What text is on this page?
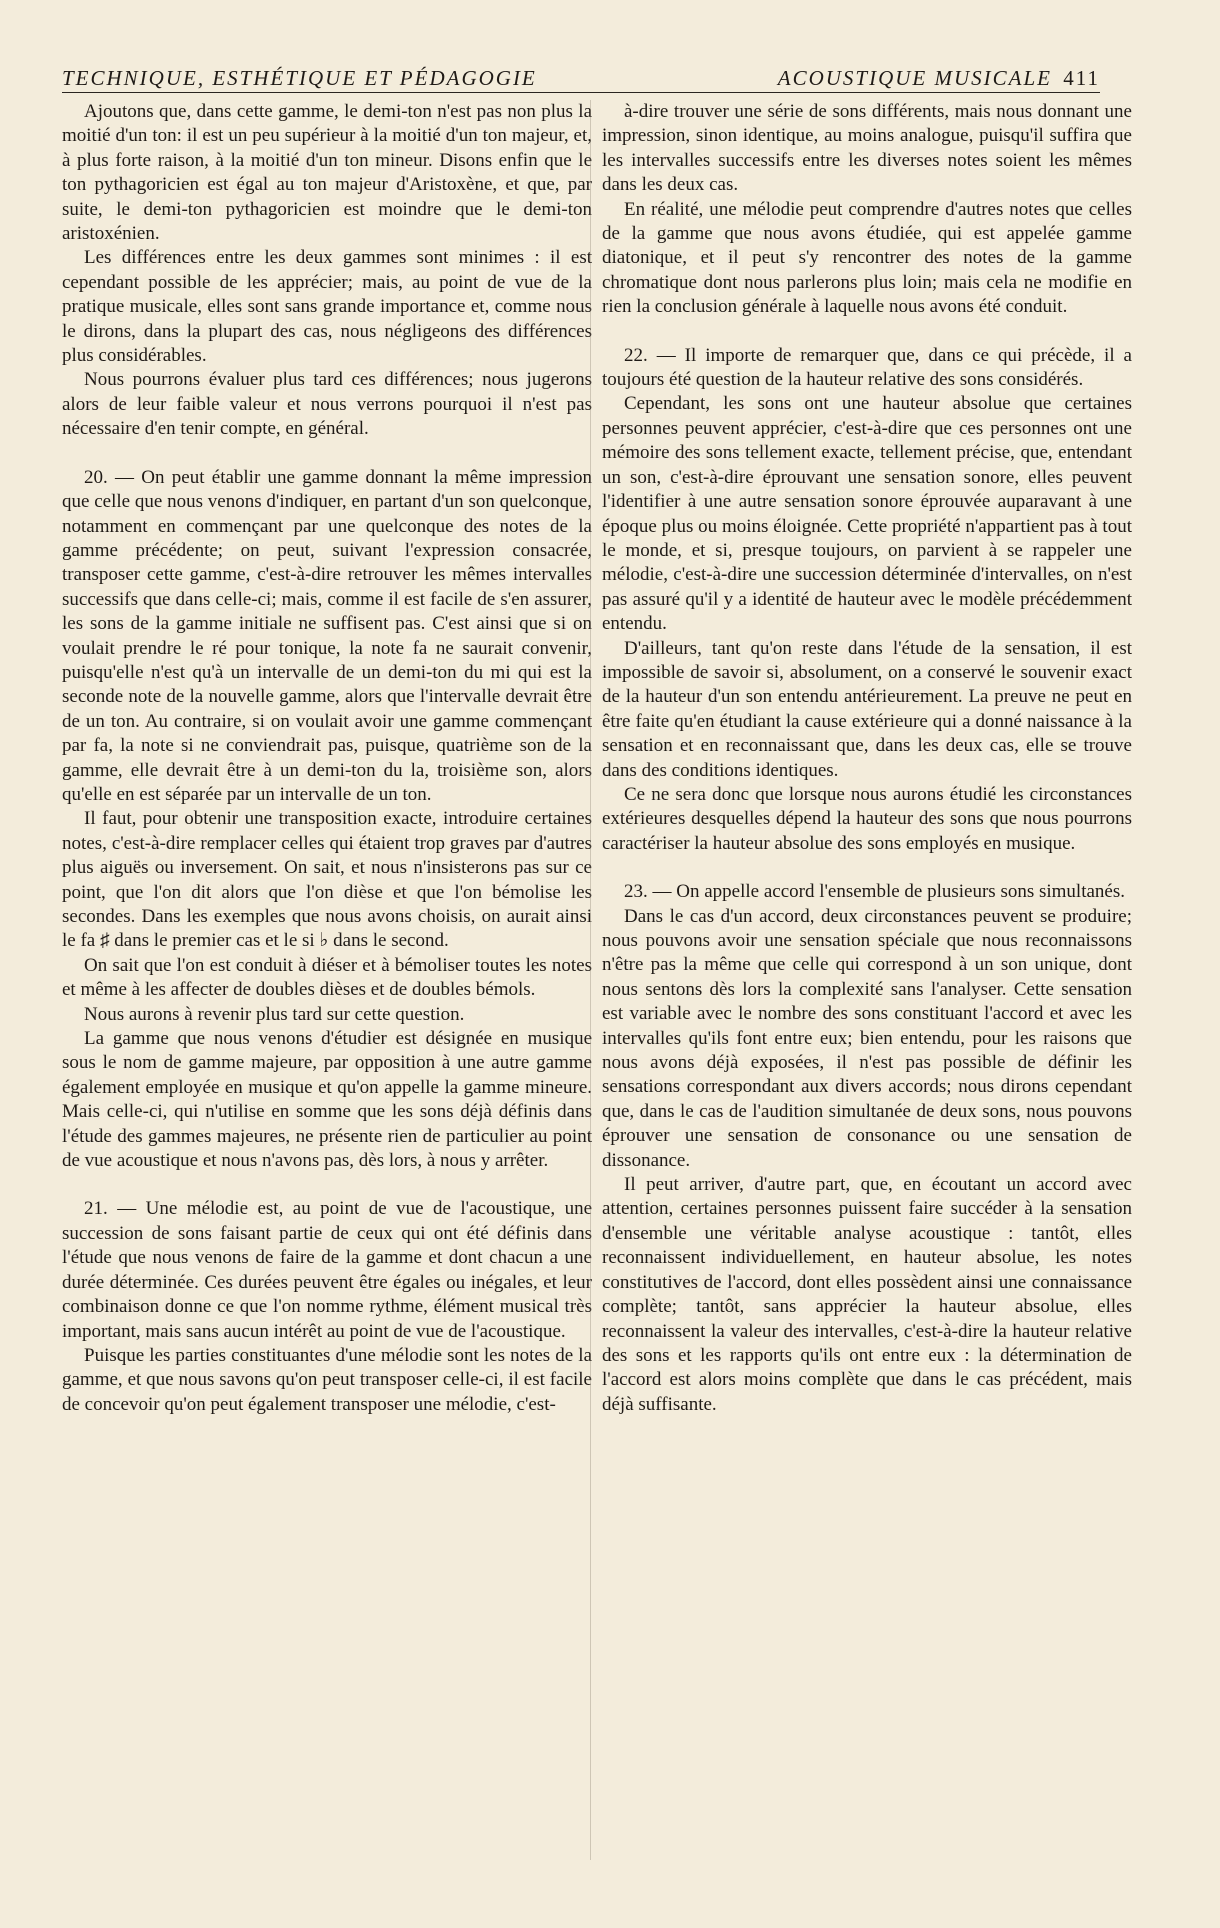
TECHNIQUE, ESTHÉTIQUE ET PÉDAGOGIE	ACOUSTIQUE MUSICALE 411

Ajoutons que, dans cette gamme, le demi-ton n'est pas non plus la moitié d'un ton: il est un peu supérieur à la moitié d'un ton majeur, et, à plus forte raison, à la moitié d'un ton mineur. Disons enfin que le ton pythagoricien est égal au ton majeur d'Aristoxène, et que, par suite, le demi-ton pythagoricien est moindre que le demi-ton aristoxénien.

Les différences entre les deux gammes sont minimes : il est cependant possible de les apprécier; mais, au point de vue de la pratique musicale, elles sont sans grande importance et, comme nous le dirons, dans la plupart des cas, nous négligeons des différences plus considérables.

Nous pourrons évaluer plus tard ces différences; nous jugerons alors de leur faible valeur et nous verrons pourquoi il n'est pas nécessaire d'en tenir compte, en général.

20. — On peut établir une gamme donnant la même impression que celle que nous venons d'indiquer, en partant d'un son quelconque, notamment en commençant par une quelconque des notes de la gamme précédente; on peut, suivant l'expression consacrée, transposer cette gamme, c'est-à-dire retrouver les mêmes intervalles successifs que dans celle-ci; mais, comme il est facile de s'en assurer, les sons de la gamme initiale ne suffisent pas. C'est ainsi que si on voulait prendre le ré pour tonique, la note fa ne saurait convenir, puisqu'elle n'est qu'à un intervalle de un demi-ton du mi qui est la seconde note de la nouvelle gamme, alors que l'intervalle devrait être de un ton. Au contraire, si on voulait avoir une gamme commençant par fa, la note si ne conviendrait pas, puisque, quatrième son de la gamme, elle devrait être à un demi-ton du la, troisième son, alors qu'elle en est séparée par un intervalle de un ton.

Il faut, pour obtenir une transposition exacte, introduire certaines notes, c'est-à-dire remplacer celles qui étaient trop graves par d'autres plus aiguës ou inversement. On sait, et nous n'insisterons pas sur ce point, que l'on dit alors que l'on dièse et que l'on bémolise les secondes. Dans les exemples que nous avons choisis, on aurait ainsi le fa ♯ dans le premier cas et le si ♭ dans le second.

On sait que l'on est conduit à diéser et à bémoliser toutes les notes et même à les affecter de doubles dièses et de doubles bémols.

Nous aurons à revenir plus tard sur cette question.

La gamme que nous venons d'étudier est désignée en musique sous le nom de gamme majeure, par opposition à une autre gamme également employée en musique et qu'on appelle la gamme mineure. Mais celle-ci, qui n'utilise en somme que les sons déjà définis dans l'étude des gammes majeures, ne présente rien de particulier au point de vue acoustique et nous n'avons pas, dès lors, à nous y arrêter.

21. — Une mélodie est, au point de vue de l'acoustique, une succession de sons faisant partie de ceux qui ont été définis dans l'étude que nous venons de faire de la gamme et dont chacun a une durée déterminée. Ces durées peuvent être égales ou inégales, et leur combinaison donne ce que l'on nomme rythme, élément musical très important, mais sans aucun intérêt au point de vue de l'acoustique.

Puisque les parties constituantes d'une mélodie sont les notes de la gamme, et que nous savons qu'on peut transposer celle-ci, il est facile de concevoir qu'on peut également transposer une mélodie, c'est-

à-dire trouver une série de sons différents, mais nous donnant une impression, sinon identique, au moins analogue, puisqu'il suffira que les intervalles successifs entre les diverses notes soient les mêmes dans les deux cas.

En réalité, une mélodie peut comprendre d'autres notes que celles de la gamme que nous avons étudiée, qui est appelée gamme diatonique, et il peut s'y rencontrer des notes de la gamme chromatique dont nous parlerons plus loin; mais cela ne modifie en rien la conclusion générale à laquelle nous avons été conduit.

22. — Il importe de remarquer que, dans ce qui précède, il a toujours été question de la hauteur relative des sons considérés.

Cependant, les sons ont une hauteur absolue que certaines personnes peuvent apprécier, c'est-à-dire que ces personnes ont une mémoire des sons tellement exacte, tellement précise, que, entendant un son, c'est-à-dire éprouvant une sensation sonore, elles peuvent l'identifier à une autre sensation sonore éprouvée auparavant à une époque plus ou moins éloignée. Cette propriété n'appartient pas à tout le monde, et si, presque toujours, on parvient à se rappeler une mélodie, c'est-à-dire une succession déterminée d'intervalles, on n'est pas assuré qu'il y a identité de hauteur avec le modèle précédemment entendu.

D'ailleurs, tant qu'on reste dans l'étude de la sensation, il est impossible de savoir si, absolument, on a conservé le souvenir exact de la hauteur d'un son entendu antérieurement. La preuve ne peut en être faite qu'en étudiant la cause extérieure qui a donné naissance à la sensation et en reconnaissant que, dans les deux cas, elle se trouve dans des conditions identiques.

Ce ne sera donc que lorsque nous aurons étudié les circonstances extérieures desquelles dépend la hauteur des sons que nous pourrons caractériser la hauteur absolue des sons employés en musique.

23. — On appelle accord l'ensemble de plusieurs sons simultanés.

Dans le cas d'un accord, deux circonstances peuvent se produire; nous pouvons avoir une sensation spéciale que nous reconnaissons n'être pas la même que celle qui correspond à un son unique, dont nous sentons dès lors la complexité sans l'analyser. Cette sensation est variable avec le nombre des sons constituant l'accord et avec les intervalles qu'ils font entre eux; bien entendu, pour les raisons que nous avons déjà exposées, il n'est pas possible de définir les sensations correspondant aux divers accords; nous dirons cependant que, dans le cas de l'audition simultanée de deux sons, nous pouvons éprouver une sensation de consonance ou une sensation de dissonance.

Il peut arriver, d'autre part, que, en écoutant un accord avec attention, certaines personnes puissent faire succéder à la sensation d'ensemble une véritable analyse acoustique : tantôt, elles reconnaissent individuellement, en hauteur absolue, les notes constitutives de l'accord, dont elles possèdent ainsi une connaissance complète; tantôt, sans apprécier la hauteur absolue, elles reconnaissent la valeur des intervalles, c'est-à-dire la hauteur relative des sons et les rapports qu'ils ont entre eux : la détermination de l'accord est alors moins complète que dans le cas précédent, mais déjà suffisante.
